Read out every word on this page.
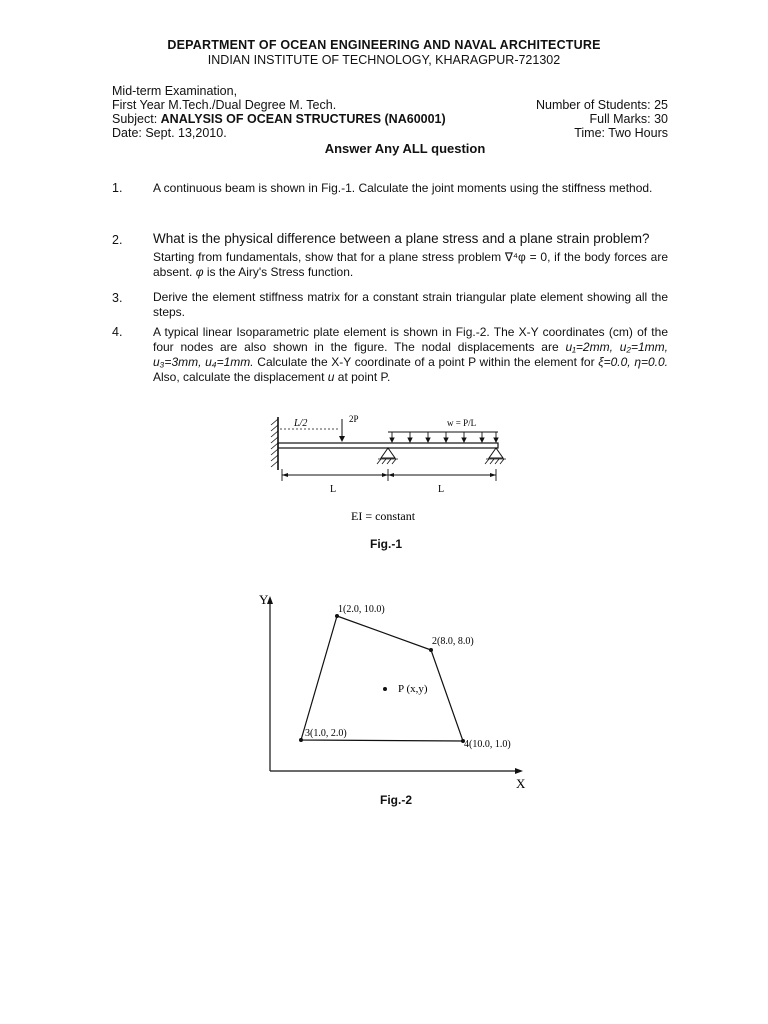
DEPARTMENT OF OCEAN ENGINEERING AND NAVAL ARCHITECTURE
INDIAN INSTITUTE OF TECHNOLOGY, KHARAGPUR-721302
Mid-term Examination,
First Year M.Tech./Dual Degree M. Tech.
Subject: ANALYSIS OF OCEAN STRUCTURES (NA60001)
Date: Sept. 13,2010.
Number of Students: 25
Full Marks: 30
Time: Two Hours
Answer Any ALL question
1.	A continuous beam is shown in Fig.-1. Calculate the joint moments using the stiffness method.
2. What is the physical difference between a plane stress and a plane strain problem?
Starting from fundamentals, show that for a plane stress problem ∇⁴φ = 0, if the body forces are absent. φ is the Airy's Stress function.
3.	Derive the element stiffness matrix for a constant strain triangular plate element showing all the steps.
4.	A typical linear Isoparametric plate element is shown in Fig.-2. The X-Y coordinates (cm) of the four nodes are also shown in the figure. The nodal displacements are u₁=2mm, u₂=1mm, u₃=3mm, u₄=1mm. Calculate the X-Y coordinate of a point P within the element for ξ=0.0, η=0.0. Also, calculate the displacement u at point P.
L/2	2P	w = P/L
L	L
EI = constant
Fig.-1
Y
X
1(2.0, 10.0)
2(8.0, 8.0)
3(1.0, 2.0)
4(10.0, 1.0)
P (x,y)
Fig.-2
